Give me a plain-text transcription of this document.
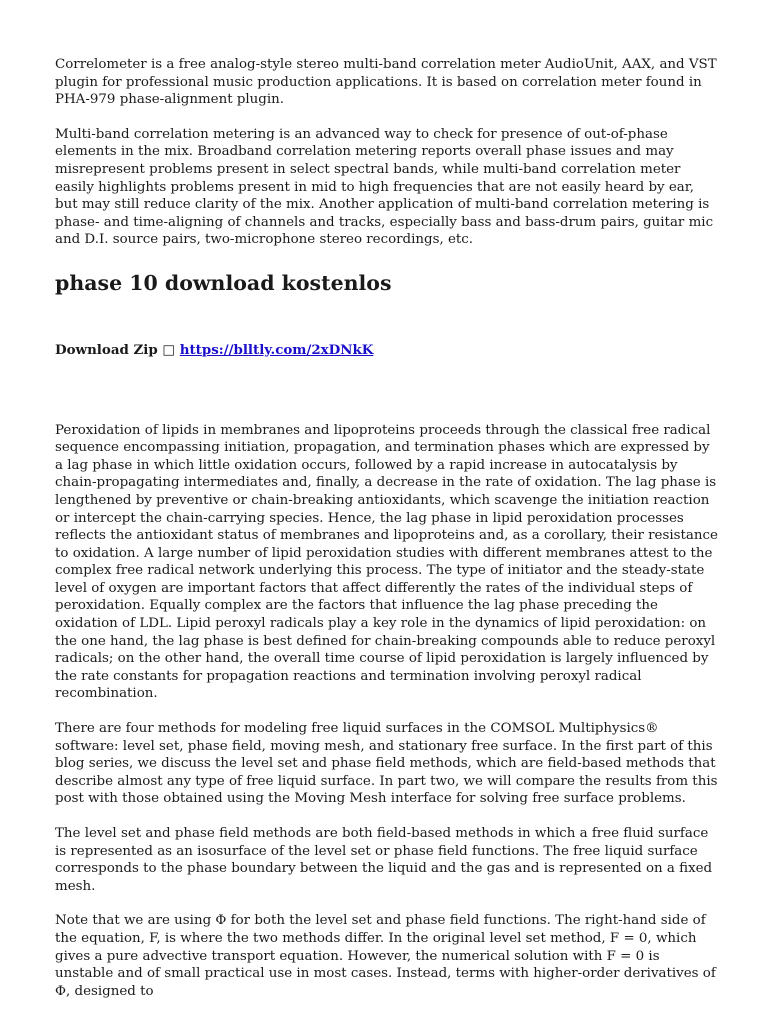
Correlometer is a free analog-style stereo multi-band correlation meter AudioUnit, AAX, and VST plugin for professional music production applications. It is based on correlation meter found in PHA-979 phase-alignment plugin.

Multi-band correlation metering is an advanced way to check for presence of out-of-phase elements in the mix. Broadband correlation metering reports overall phase issues and may misrepresent problems present in select spectral bands, while multi-band correlation meter easily highlights problems present in mid to high frequencies that are not easily heard by ear, but may still reduce clarity of the mix. Another application of multi-band correlation metering is phase- and time-aligning of channels and tracks, especially bass and bass-drum pairs, guitar mic and D.I. source pairs, two-microphone stereo recordings, etc.

phase 10 download kostenlos
Download Zip □ https://blltly.com/2xDNkK

Peroxidation of lipids in membranes and lipoproteins proceeds through the classical free radical sequence encompassing initiation, propagation, and termination phases which are expressed by a lag phase in which little oxidation occurs, followed by a rapid increase in autocatalysis by chain-propagating intermediates and, finally, a decrease in the rate of oxidation. The lag phase is lengthened by preventive or chain-breaking antioxidants, which scavenge the initiation reaction or intercept the chain-carrying species. Hence, the lag phase in lipid peroxidation processes reflects the antioxidant status of membranes and lipoproteins and, as a corollary, their resistance to oxidation. A large number of lipid peroxidation studies with different membranes attest to the complex free radical network underlying this process. The type of initiator and the steady-state level of oxygen are important factors that affect differently the rates of the individual steps of peroxidation. Equally complex are the factors that influence the lag phase preceding the oxidation of LDL. Lipid peroxyl radicals play a key role in the dynamics of lipid peroxidation: on the one hand, the lag phase is best defined for chain-breaking compounds able to reduce peroxyl radicals; on the other hand, the overall time course of lipid peroxidation is largely influenced by the rate constants for propagation reactions and termination involving peroxyl radical recombination.

There are four methods for modeling free liquid surfaces in the COMSOL Multiphysics® software: level set, phase field, moving mesh, and stationary free surface. In the first part of this blog series, we discuss the level set and phase field methods, which are field-based methods that describe almost any type of free liquid surface. In part two, we will compare the results from this post with those obtained using the Moving Mesh interface for solving free surface problems.

The level set and phase field methods are both field-based methods in which a free fluid surface is represented as an isosurface of the level set or phase field functions. The free liquid surface corresponds to the phase boundary between the liquid and the gas and is represented on a fixed mesh.

Note that we are using Φ for both the level set and phase field functions. The right-hand side of the equation, F, is where the two methods differ. In the original level set method, F = 0, which gives a pure advective transport equation. However, the numerical solution with F = 0 is unstable and of small practical use in most cases. Instead, terms with higher-order derivatives of Φ, designed to
